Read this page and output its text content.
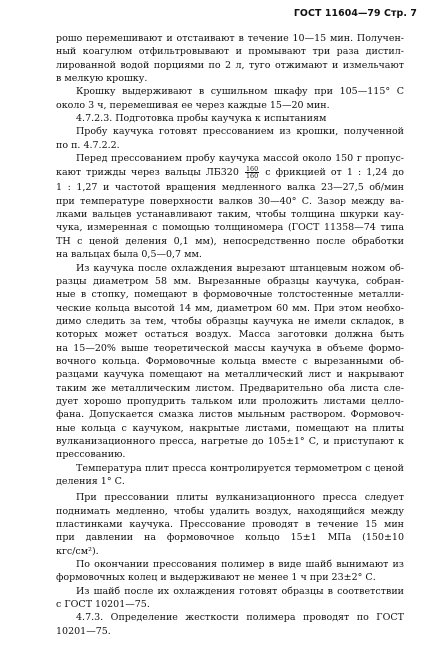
ГОСТ 11604—79 Стр. 7
рошо перемешивают и отстаивают в течение 10—15 мин. Получен-
ный коагулюм отфильтровывают и промывают три раза дистил-
лированной водой порциями по 2 л, туго отжимают и измельчают
в мелкую крошку.
Крошку выдерживают в сушильном шкафу при 105—115° С
около 3 ч, перемешивая ее через каждые 15—20 мин.
4.7.2.3. Подготовка пробы каучука к испытаниям
Пробу каучука готовят прессованием из крошки, полученной
по п. 4.7.2.2.
Перед прессованием пробу каучука массой около 150 г пропус-
кают трижды через вальцы $ЛБ320 \frac{160}{160}$ с фрикцией от 1 : 1,24 до
1 : 1,27 и частотой вращения медленного валка 23—27,5 об/мин
при температуре поверхности валков 30—40° С. Зазор между ва-
лками вальцев устанавливают таким, чтобы толщина шкурки кау-
чука, измеренная с помощью толщиномера (ГОСТ 11358—74 типа
ТН с ценой деления 0,1 мм), непосредственно после обработки
на вальцах была 0,5—0,7 мм.
Из каучука после охлаждения вырезают штанцевым ножом об-
разцы диаметром 58 мм. Вырезанные образцы каучука, собран-
ные в стопку, помещают в формовочные толстостенные металли-
ческие кольца высотой 14 мм, диаметром 60 мм. При этом необхо-
димо следить за тем, чтобы образцы каучука не имели складок, в
которых может остаться воздух. Масса заготовки должна быть
на 15—20% выше теоретической массы каучука в объеме формо-
вочного кольца. Формовочные кольца вместе с вырезанными об-
разцами каучука помещают на металлический лист и накрывают
таким же металлическим листом. Предварительно оба листа сле-
дует хорошо пропудрить тальком или проложить листами целло-
фана. Допускается смазка листов мыльным раствором. Формовоч-
ные кольца с каучуком, накрытые листами, помещают на плиты
вулканизационного пресса, нагретые до 105±1° С, и приступают к
прессованию.
Температура плит пресса контролируется термометром с ценой
деления 1° С.
При прессовании плиты вулканизационного пресса следует
поднимать медленно, чтобы удалить воздух, находящийся между
пластинками каучука. Прессование проводят в течение 15 мин
при давлении на формовочное кольцо 15±1 МПа (150±10
кгс/см²).
По окончании прессования полимер в виде шайб вынимают из
формовочных колец и выдерживают не менее 1 ч при 23±2° С.
Из шайб после их охлаждения готовят образцы в соответствии
с ГОСТ 10201—75.
4.7.3. Определение жесткости полимера проводят по ГОСТ
10201—75.
